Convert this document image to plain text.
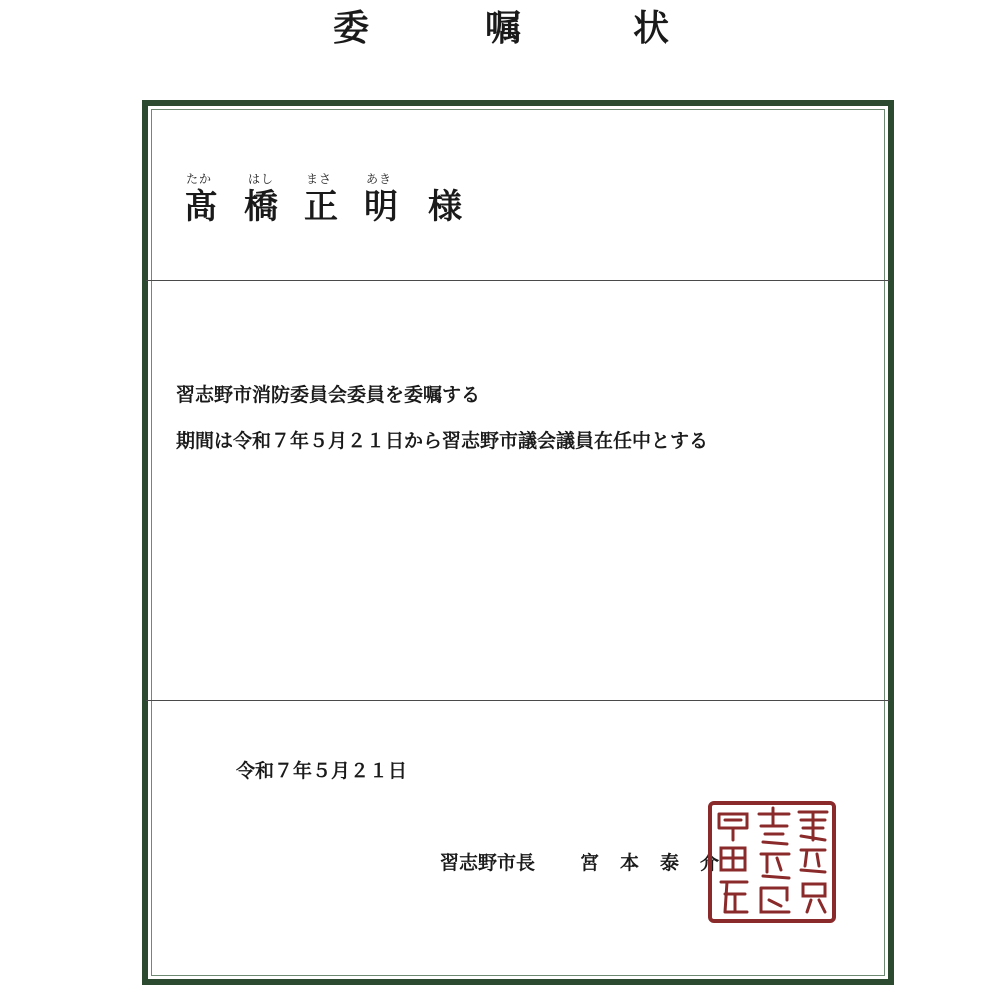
委	嘱	状
たか	はし	まさ	あき
髙 橋 正 明 様
習志野市消防委員会委員を委嘱する
期間は令和７年５月２１日から習志野市議会議員在任中とする
令和７年５月２１日
習志野市長 宮 本 泰 介
